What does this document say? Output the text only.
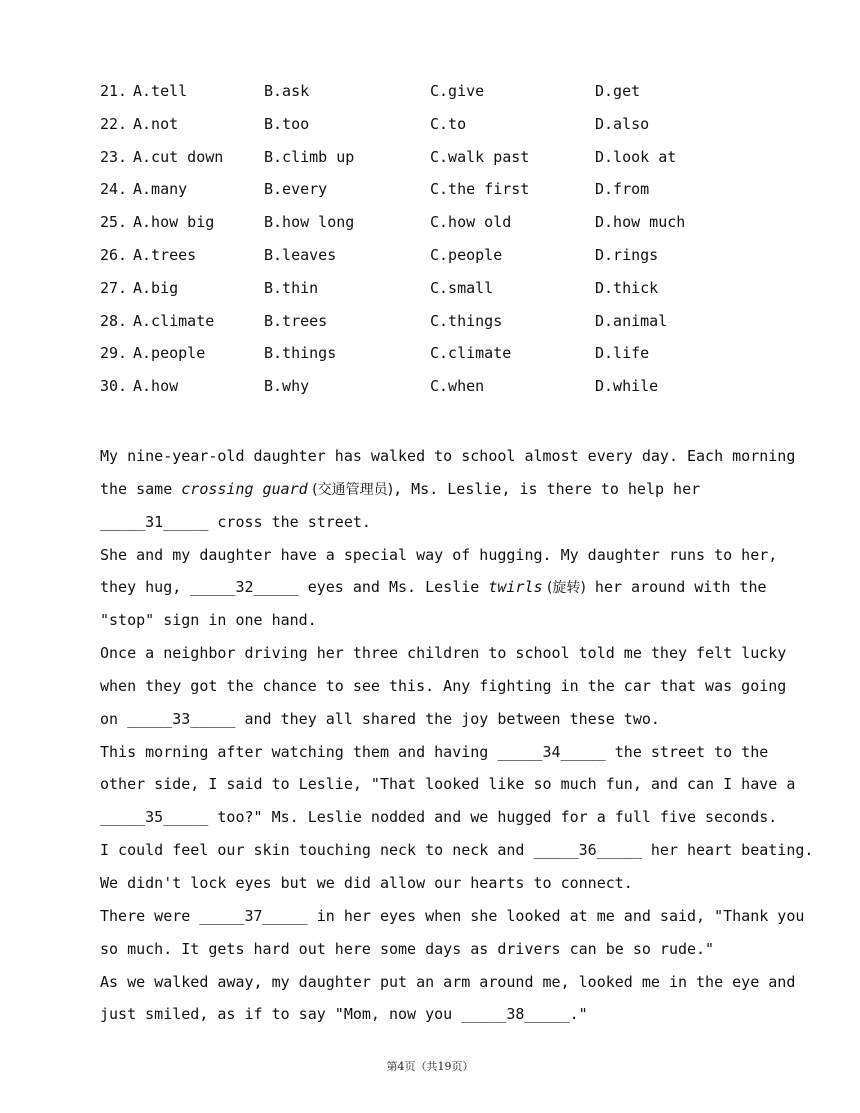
21. A.tell	B.ask	C.give	D.get
22. A.not	B.too	C.to	D.also
23. A.cut down	B.climb up	C.walk past	D.look at
24. A.many	B.every	C.the first	D.from
25. A.how big	B.how long	C.how old	D.how much
26. A.trees	B.leaves	C.people	D.rings
27. A.big	B.thin	C.small	D.thick
28. A.climate	B.trees	C.things	D.animal
29. A.people	B.things	C.climate	D.life
30. A.how	B.why	C.when	D.while
My nine-year-old daughter has walked to school almost every day. Each morning
the same crossing guard (交通管理员), Ms. Leslie, is there to help her
_____31_____ cross the street.
She and my daughter have a special way of hugging. My daughter runs to her,
they hug, _____32_____ eyes and Ms. Leslie twirls (旋转) her around with the
"stop" sign in one hand.
Once a neighbor driving her three children to school told me they felt lucky
when they got the chance to see this. Any fighting in the car that was going
on _____33_____ and they all shared the joy between these two.
This morning after watching them and having _____34_____ the street to the
other side, I said to Leslie, "That looked like so much fun, and can I have a
_____35_____ too?" Ms. Leslie nodded and we hugged for a full five seconds.
I could feel our skin touching neck to neck and _____36_____ her heart beating.
We didn't lock eyes but we did allow our hearts to connect.
There were _____37_____ in her eyes when she looked at me and said, "Thank you
so much. It gets hard out here some days as drivers can be so rude."
As we walked away, my daughter put an arm around me, looked me in the eye and
just smiled, as if to say "Mom, now you _____38_____."
第4页（共19页）
